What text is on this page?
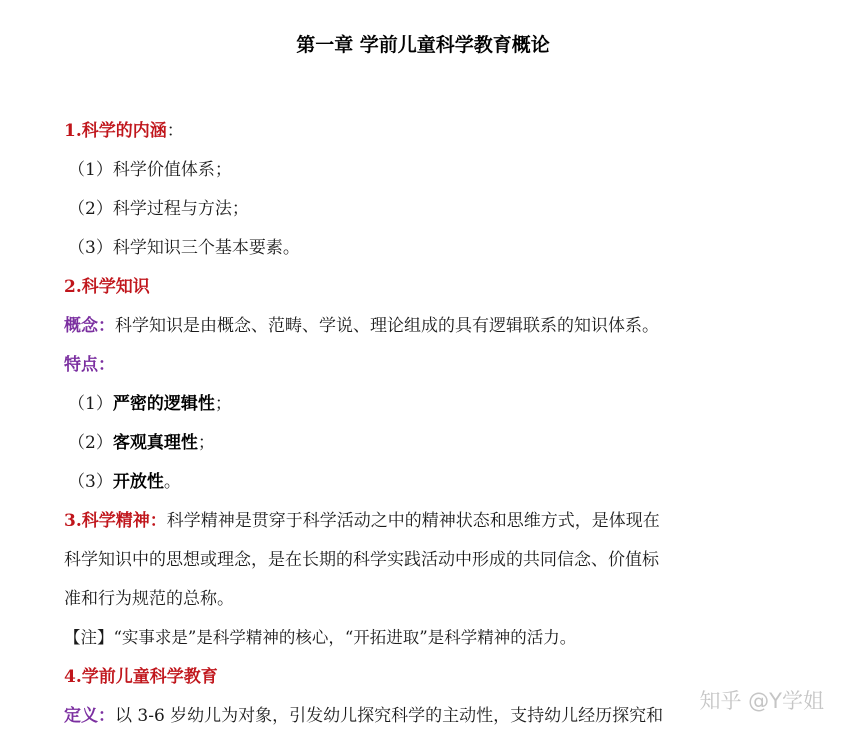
第一章 学前儿童科学教育概论
1.科学的内涵：
（1）科学价值体系；
（2）科学过程与方法；
（3）科学知识三个基本要素。
2.科学知识
概念：科学知识是由概念、范畴、学说、理论组成的具有逻辑联系的知识体系。
特点：
（1）严密的逻辑性；
（2）客观真理性；
（3）开放性。
3.科学精神：科学精神是贯穿于科学活动之中的精神状态和思维方式，是体现在
科学知识中的思想或理念，是在长期的科学实践活动中形成的共同信念、价值标
准和行为规范的总称。
【注】“实事求是”是科学精神的核心，“开拓进取”是科学精神的活力。
4.学前儿童科学教育
定义：以 3-6 岁幼儿为对象，引发幼儿探究科学的主动性，支持幼儿经历探究和
知乎 @Y学姐
